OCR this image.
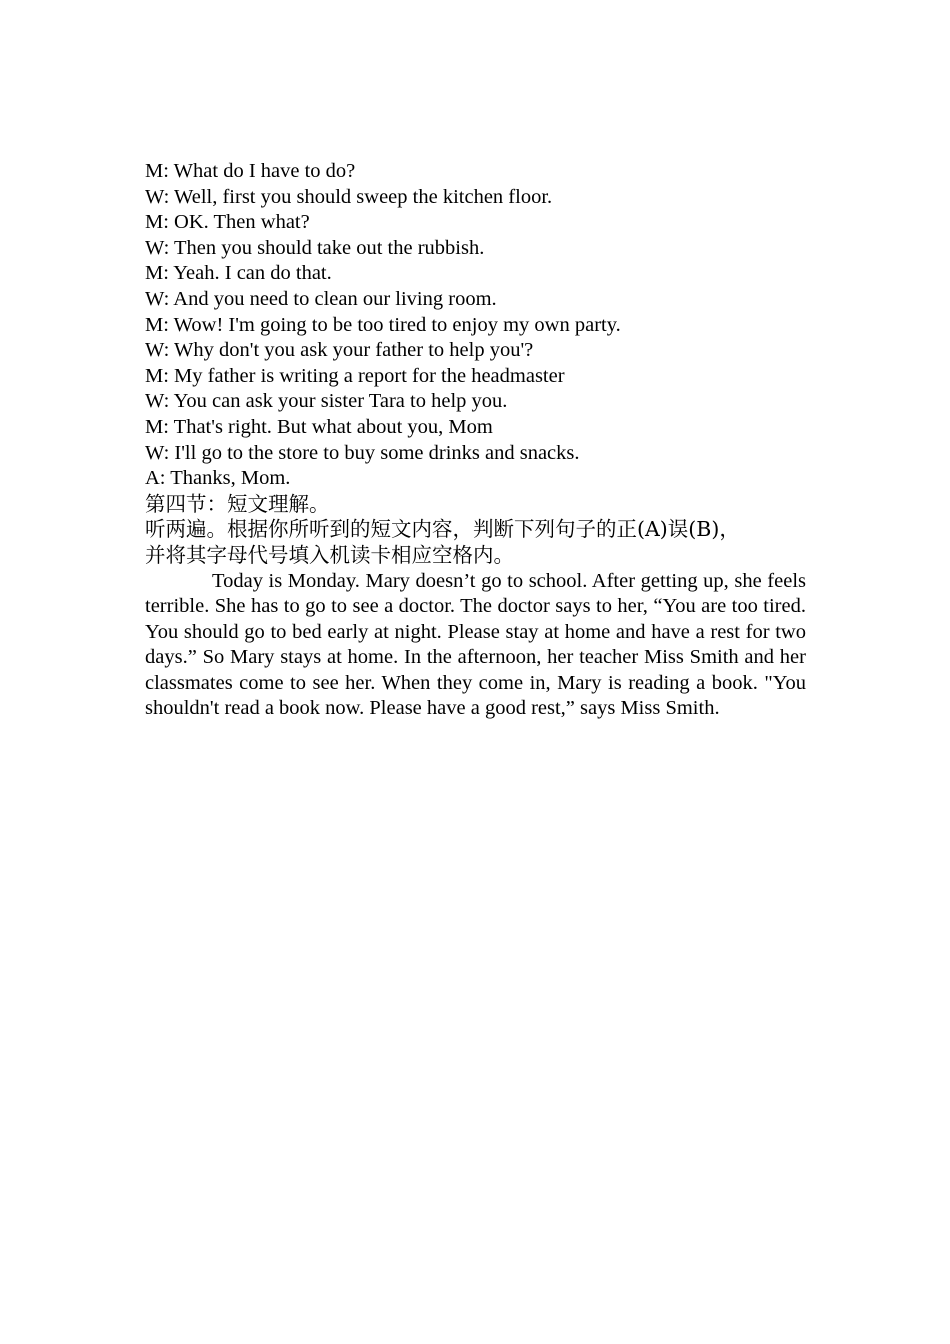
M: What do I have to do?
W: Well, first you should sweep the kitchen floor.
M: OK. Then what?
W: Then you should take out the rubbish.
M: Yeah. I can do that.
W: And you need to clean our living room.
M: Wow! I'm going to be too tired to enjoy my own party.
W: Why don't you ask your father to help you'?
M: My father is writing a report for the headmaster
W: You can ask your sister Tara to help you.
M: That's right. But what about you, Mom
W: I'll go to the store to buy some drinks and snacks.
A: Thanks, Mom.
第四节：短文理解。
听两遍。根据你所听到的短文内容，判断下列句子的正(A)误(B)，
并将其字母代号填入机读卡相应空格内。

Today is Monday. Mary doesn’t go to school. After getting up, she feels terrible. She has to go to see a doctor. The doctor says to her, “You are too tired. You should go to bed early at night. Please stay at home and have a rest for two days.” So Mary stays at home. In the afternoon, her teacher Miss Smith and her classmates come to see her. When they come in, Mary is reading a book. "You shouldn't read a book now. Please have a good rest,” says Miss Smith.
